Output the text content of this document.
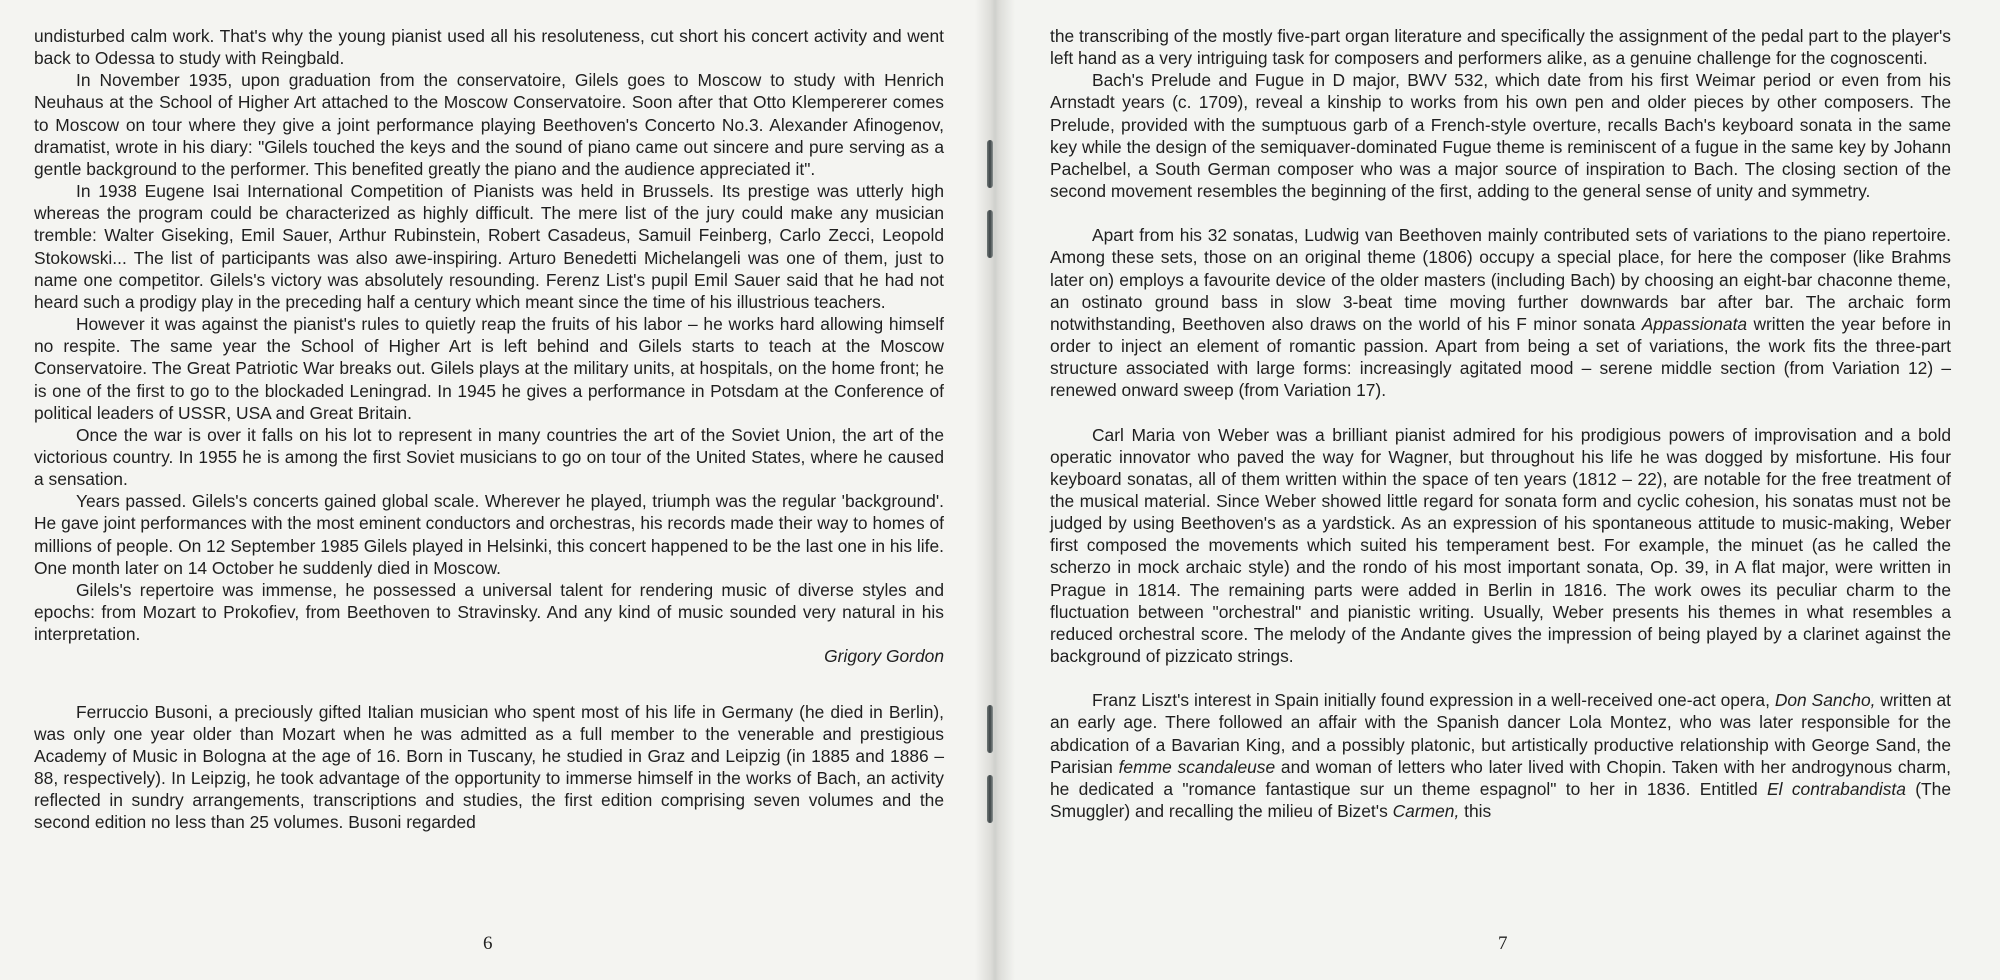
undisturbed calm work. That's why the young pianist used all his resoluteness, cut short his concert activity and went back to Odessa to study with Reingbald.

In November 1935, upon graduation from the conservatoire, Gilels goes to Moscow to study with Henrich Neuhaus at the School of Higher Art attached to the Moscow Conservatoire. Soon after that Otto Klempererer comes to Moscow on tour where they give a joint performance playing Beethoven's Concerto No.3. Alexander Afinogenov, dramatist, wrote in his diary: "Gilels touched the keys and the sound of piano came out sincere and pure serving as a gentle background to the performer. This benefited greatly the piano and the audience appreciated it".

In 1938 Eugene Isai International Competition of Pianists was held in Brussels. Its prestige was utterly high whereas the program could be characterized as highly difficult. The mere list of the jury could make any musician tremble: Walter Giseking, Emil Sauer, Arthur Rubinstein, Robert Casadeus, Samuil Feinberg, Carlo Zecci, Leopold Stokowski... The list of participants was also awe-inspiring. Arturo Benedetti Michelangeli was one of them, just to name one competitor. Gilels's victory was absolutely resounding. Ferenz List's pupil Emil Sauer said that he had not heard such a prodigy play in the preceding half a century which meant since the time of his illustrious teachers.

However it was against the pianist's rules to quietly reap the fruits of his labor – he works hard allowing himself no respite. The same year the School of Higher Art is left behind and Gilels starts to teach at the Moscow Conservatoire. The Great Patriotic War breaks out. Gilels plays at the military units, at hospitals, on the home front; he is one of the first to go to the blockaded Leningrad. In 1945 he gives a performance in Potsdam at the Conference of political leaders of USSR, USA and Great Britain.

Once the war is over it falls on his lot to represent in many countries the art of the Soviet Union, the art of the victorious country. In 1955 he is among the first Soviet musicians to go on tour of the United States, where he caused a sensation.

Years passed. Gilels's concerts gained global scale. Wherever he played, triumph was the regular 'background'. He gave joint performances with the most eminent conductors and orchestras, his records made their way to homes of millions of people. On 12 September 1985 Gilels played in Helsinki, this concert happened to be the last one in his life. One month later on 14 October he suddenly died in Moscow.

Gilels's repertoire was immense, he possessed a universal talent for rendering music of diverse styles and epochs: from Mozart to Prokofiev, from Beethoven to Stravinsky. And any kind of music sounded very natural in his interpretation.

Grigory Gordon

Ferruccio Busoni, a preciously gifted Italian musician who spent most of his life in Germany (he died in Berlin), was only one year older than Mozart when he was admitted as a full member to the venerable and prestigious Academy of Music in Bologna at the age of 16. Born in Tuscany, he studied in Graz and Leipzig (in 1885 and 1886 – 88, respectively). In Leipzig, he took advantage of the opportunity to immerse himself in the works of Bach, an activity reflected in sundry arrangements, transcriptions and studies, the first edition comprising seven volumes and the second edition no less than 25 volumes. Busoni regarded

6

the transcribing of the mostly five-part organ literature and specifically the assignment of the pedal part to the player's left hand as a very intriguing task for composers and performers alike, as a genuine challenge for the cognoscenti.

Bach's Prelude and Fugue in D major, BWV 532, which date from his first Weimar period or even from his Arnstadt years (c. 1709), reveal a kinship to works from his own pen and older pieces by other composers. The Prelude, provided with the sumptuous garb of a French-style overture, recalls Bach's keyboard sonata in the same key while the design of the semiquaver-dominated Fugue theme is reminiscent of a fugue in the same key by Johann Pachelbel, a South German composer who was a major source of inspiration to Bach. The closing section of the second movement resembles the beginning of the first, adding to the general sense of unity and symmetry.

Apart from his 32 sonatas, Ludwig van Beethoven mainly contributed sets of variations to the piano repertoire. Among these sets, those on an original theme (1806) occupy a special place, for here the composer (like Brahms later on) employs a favourite device of the older masters (including Bach) by choosing an eight-bar chaconne theme, an ostinato ground bass in slow 3-beat time moving further downwards bar after bar. The archaic form notwithstanding, Beethoven also draws on the world of his F minor sonata Appassionata written the year before in order to inject an element of romantic passion. Apart from being a set of variations, the work fits the three-part structure associated with large forms: increasingly agitated mood – serene middle section (from Variation 12) – renewed onward sweep (from Variation 17).

Carl Maria von Weber was a brilliant pianist admired for his prodigious powers of improvisation and a bold operatic innovator who paved the way for Wagner, but throughout his life he was dogged by misfortune. His four keyboard sonatas, all of them written within the space of ten years (1812 – 22), are notable for the free treatment of the musical material. Since Weber showed little regard for sonata form and cyclic cohesion, his sonatas must not be judged by using Beethoven's as a yardstick. As an expression of his spontaneous attitude to music-making, Weber first composed the movements which suited his temperament best. For example, the minuet (as he called the scherzo in mock archaic style) and the rondo of his most important sonata, Op. 39, in A flat major, were written in Prague in 1814. The remaining parts were added in Berlin in 1816. The work owes its peculiar charm to the fluctuation between "orchestral" and pianistic writing. Usually, Weber presents his themes in what resembles a reduced orchestral score. The melody of the Andante gives the impression of being played by a clarinet against the background of pizzicato strings.

Franz Liszt's interest in Spain initially found expression in a well-received one-act opera, Don Sancho, written at an early age. There followed an affair with the Spanish dancer Lola Montez, who was later responsible for the abdication of a Bavarian King, and a possibly platonic, but artistically productive relationship with George Sand, the Parisian femme scandaleuse and woman of letters who later lived with Chopin. Taken with her androgynous charm, he dedicated a "romance fantastique sur un theme espagnol" to her in 1836. Entitled El contrabandista (The Smuggler) and recalling the milieu of Bizet's Carmen, this

7
